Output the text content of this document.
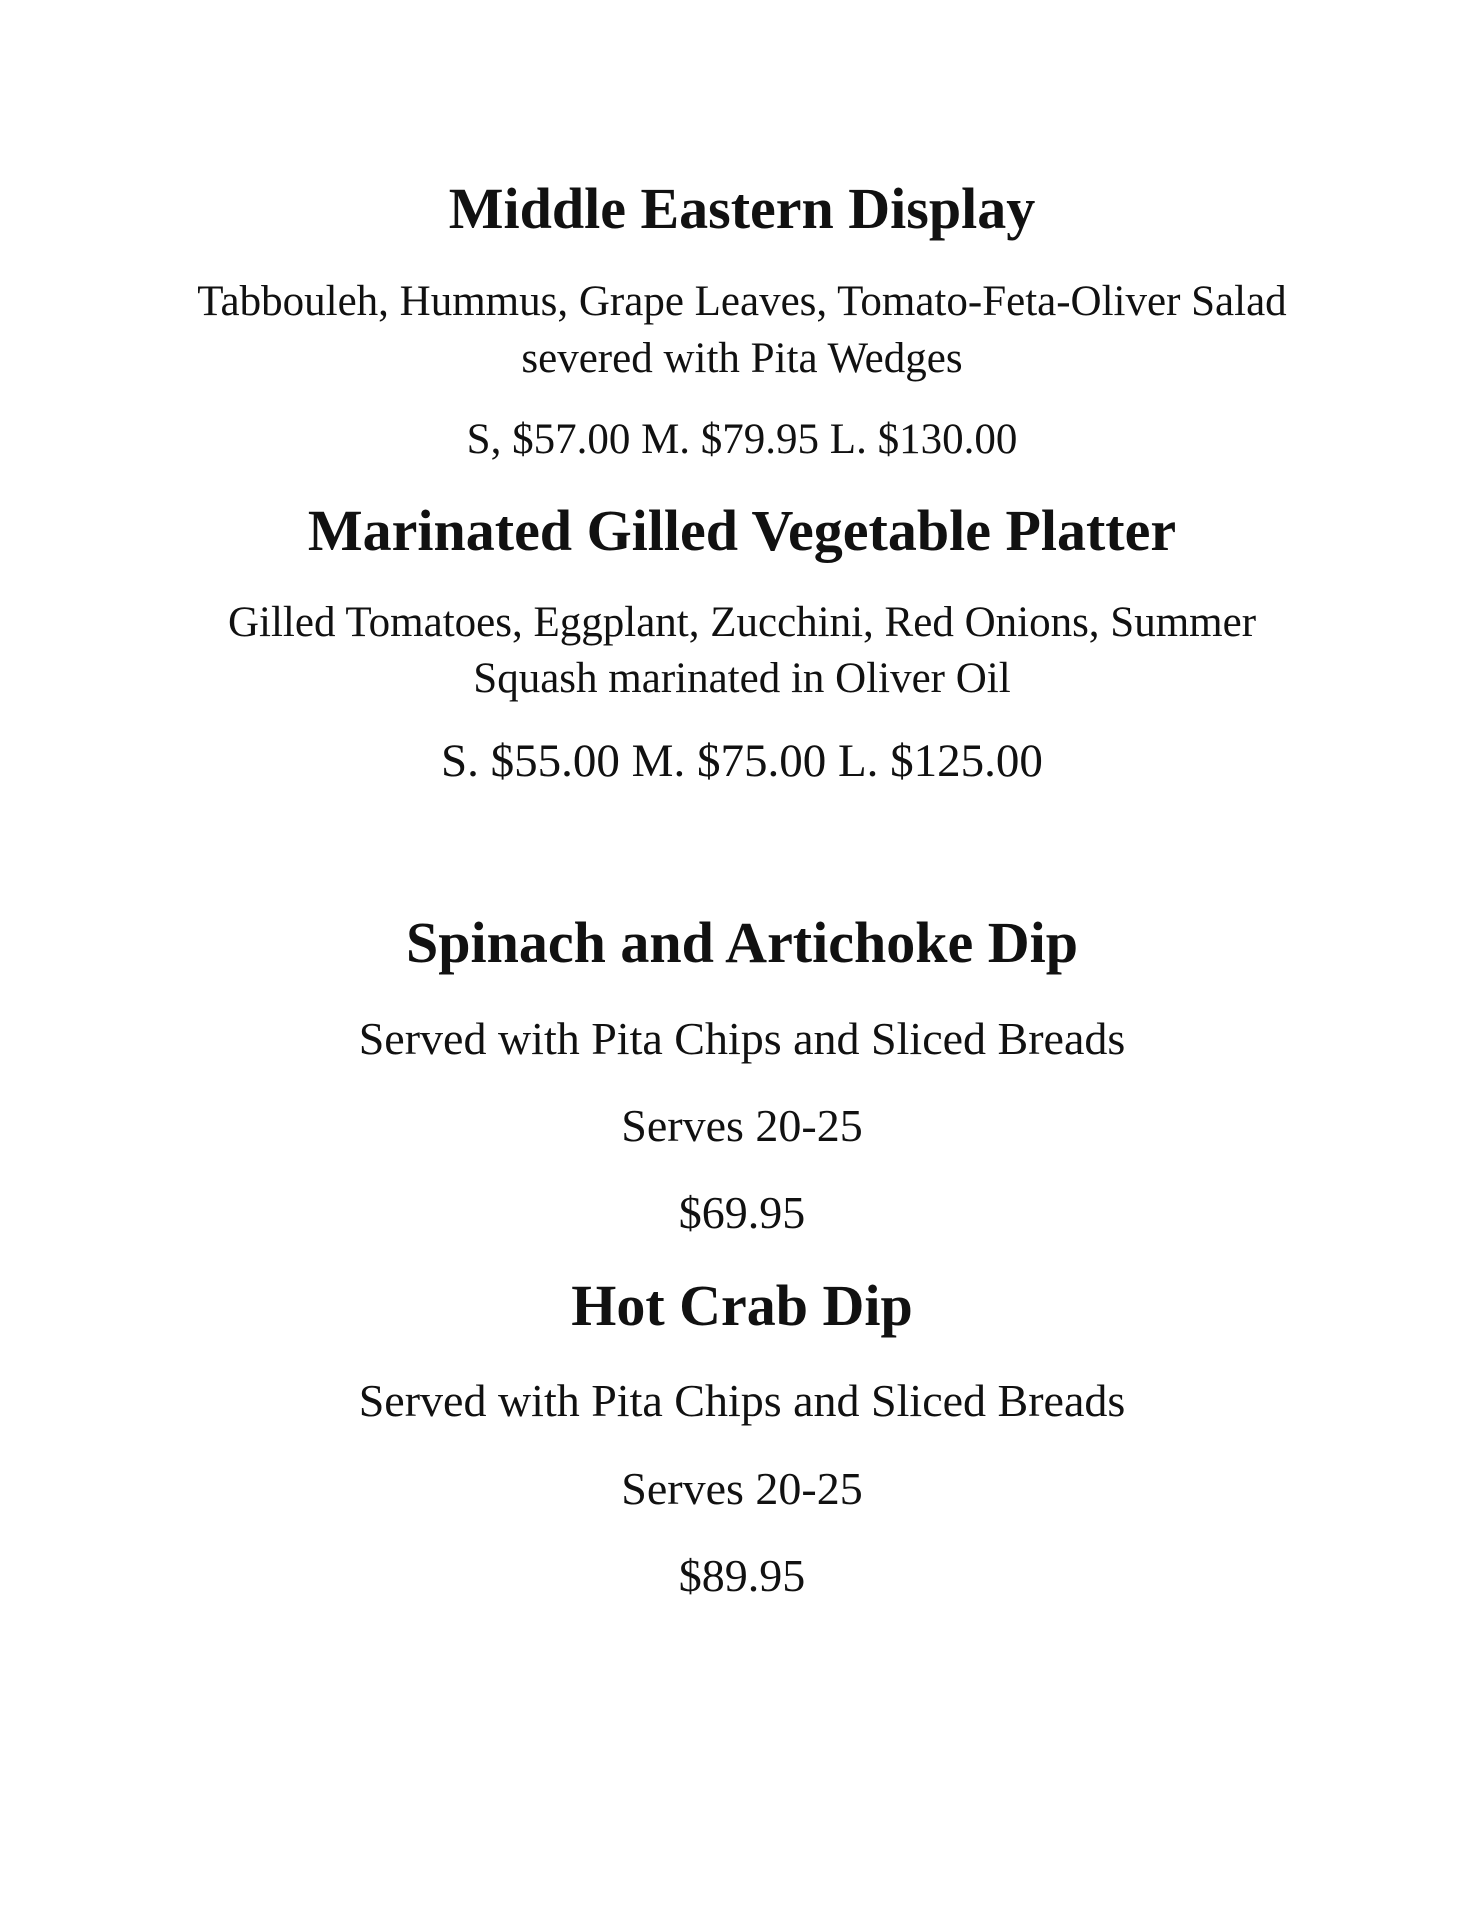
Middle Eastern Display
Tabbouleh, Hummus, Grape Leaves, Tomato-Feta-Oliver Salad
severed with Pita Wedges
S, $57.00 M. $79.95 L. $130.00
Marinated Gilled Vegetable Platter
Gilled Tomatoes, Eggplant, Zucchini, Red Onions, Summer
Squash marinated in Oliver Oil
S. $55.00 M. $75.00 L. $125.00
Spinach and Artichoke Dip
Served with Pita Chips and Sliced Breads
Serves 20-25
$69.95
Hot Crab Dip
Served with Pita Chips and Sliced Breads
Serves 20-25
$89.95
